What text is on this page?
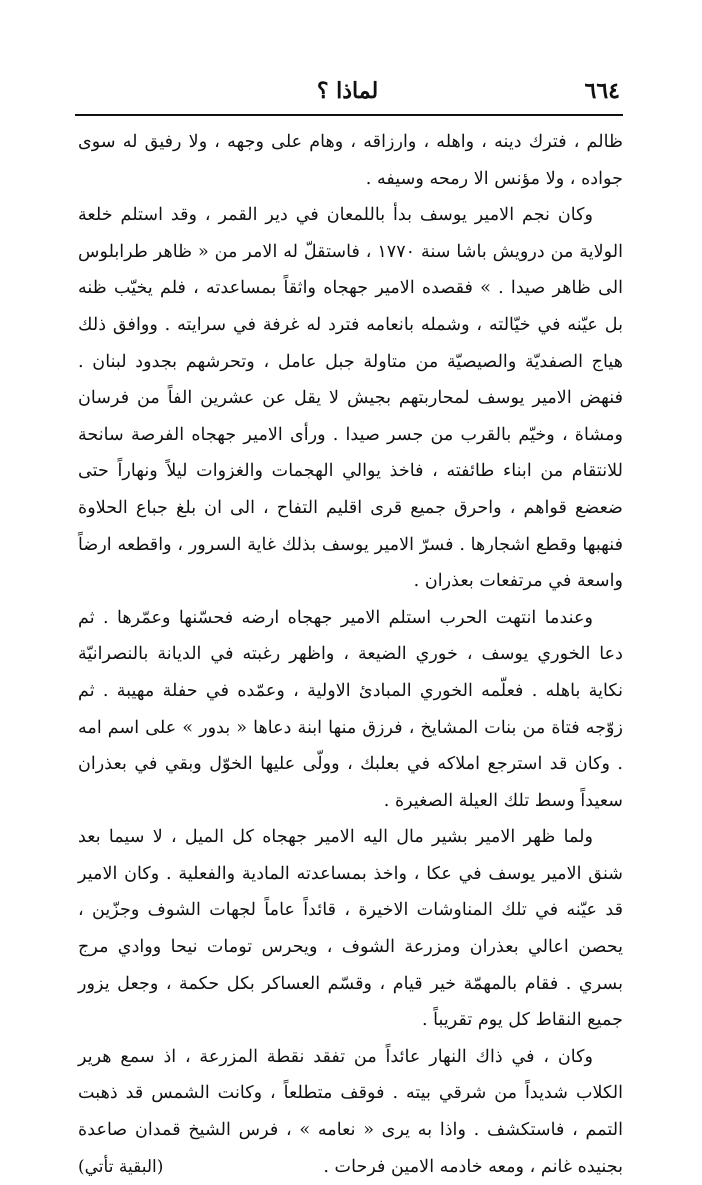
٦٦٤
لماذا ؟

ظالم ، فترك دينه ، واهله ، وارزاقه ، وهام على وجهه ، ولا رفيق له سوى جواده ، ولا مؤنس الا رمحه وسيفه .

وكان نجم الامير يوسف بدأ باللمعان في دير القمر ، وقد استلم خلعة الولاية من درويش باشا سنة ١٧٧٠ ، فاستقلّ له الامر من « ظاهر طرابلوس الى ظاهر صيدا . » فقصده الامير جهجاه واثقاً بمساعدته ، فلم يخيّب ظنه بل عيّنه في خيّالته ، وشمله بانعامه فترد له غرفة في سرايته . ووافق ذلك هياج الصفديّة والصيصيّة من متاولة جبل عامل ، وتحرشهم بجدود لبنان . فنهض الامير يوسف لمحاربتهم بجيش لا يقل عن عشرين الفاً من فرسان ومشاة ، وخيّم بالقرب من جسر صيدا . ورأى الامير جهجاه الفرصة سانحة للانتقام من ابناء طائفته ، فاخذ يوالي الهجمات والغزوات ليلاً ونهاراً حتى ضعضع قواهم ، واحرق جميع قرى اقليم التفاح ، الى ان بلغ جباع الحلاوة فنهبها وقطع اشجارها . فسرّ الامير يوسف بذلك غاية السرور ، واقطعه ارضاً واسعة في مرتفعات بعذران .

وعندما انتهت الحرب استلم الامير جهجاه ارضه فحسّنها وعمّرها . ثم دعا الخوري يوسف ، خوري الضيعة ، واظهر رغبته في الديانة بالنصرانيّة نكاية باهله . فعلّمه الخوري المبادئ الاولية ، وعمّده في حفلة مهيبة . ثم زوّجه فتاة من بنات المشايخ ، فرزق منها ابنة دعاها « بدور » على اسم امه . وكان قد استرجع املاكه في بعلبك ، وولّى عليها الخوّل وبقي في بعذران سعيداً وسط تلك العيلة الصغيرة .

ولما ظهر الامير بشير مال اليه الامير جهجاه كل الميل ، لا سيما بعد شنق الامير يوسف في عكا ، واخذ بمساعدته المادية والفعلية . وكان الامير قد عيّنه في تلك المناوشات الاخيرة ، قائداً عاماً لجهات الشوف وجزّين ، يحصن اعالي بعذران ومزرعة الشوف ، ويحرس تومات نيحا ووادي مرج بسري . فقام بالمهمّة خير قيام ، وقسّم العساكر بكل حكمة ، وجعل يزور جميع النقاط كل يوم تقريباً .

وكان ، في ذاك النهار عائداً من تفقد نقطة المزرعة ، اذ سمع هرير الكلاب شديداً من شرقي بيته . فوقف متطلعاً ، وكانت الشمس قد ذهبت التمم ، فاستكشف . واذا به يرى « نعامه » ، فرس الشيخ قمدان صاعدة بجنيده غانم ، ومعه خادمه الامين فرحات .
(البقية تأتي)
